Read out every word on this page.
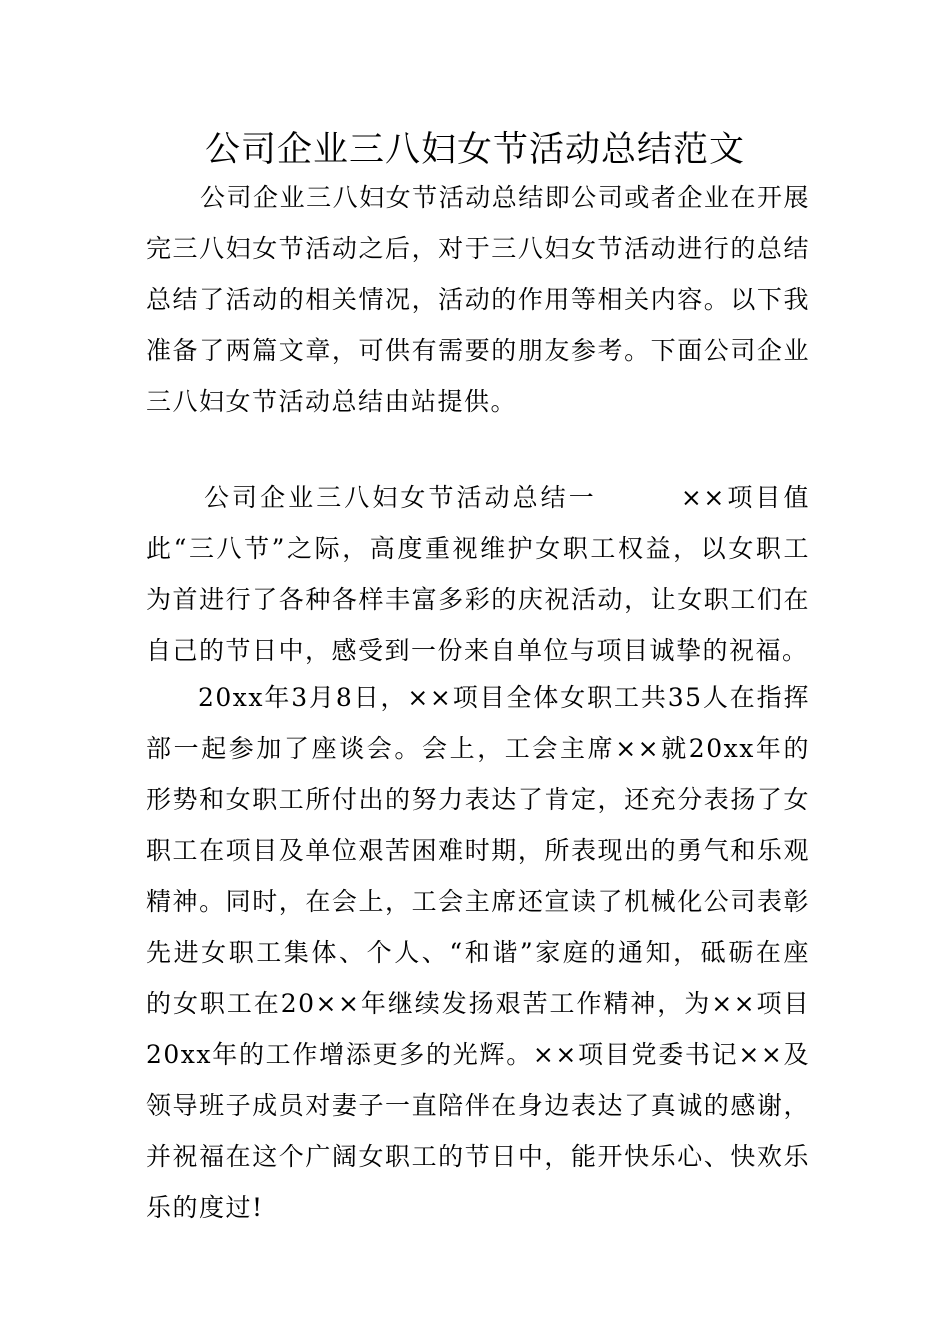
公司企业三八妇女节活动总结范文

公司企业三八妇女节活动总结即公司或者企业在开展完三八妇女节活动之后，对于三八妇女节活动进行的总结总结了活动的相关情况，活动的作用等相关内容。以下我准备了两篇文章，可供有需要的朋友参考。下面公司企业三八妇女节活动总结由站提供。

公司企业三八妇女节活动总结一　　　××项目值此“三八节”之际，高度重视维护女职工权益，以女职工为首进行了各种各样丰富多彩的庆祝活动，让女职工们在自己的节日中，感受到一份来自单位与项目诚挚的祝福。

20xx年3月8日，××项目全体女职工共35人在指挥部一起参加了座谈会。会上，工会主席××就20xx年的形势和女职工所付出的努力表达了肯定，还充分表扬了女职工在项目及单位艰苦困难时期，所表现出的勇气和乐观精神。同时，在会上，工会主席还宣读了机械化公司表彰先进女职工集体、个人、“和谐”家庭的通知，砥砺在座的女职工在20××年继续发扬艰苦工作精神，为××项目20xx年的工作增添更多的光辉。××项目党委书记××及领导班子成员对妻子一直陪伴在身边表达了真诚的感谢，并祝福在这个广阔女职工的节日中，能开快乐心、快欢乐乐的度过!
